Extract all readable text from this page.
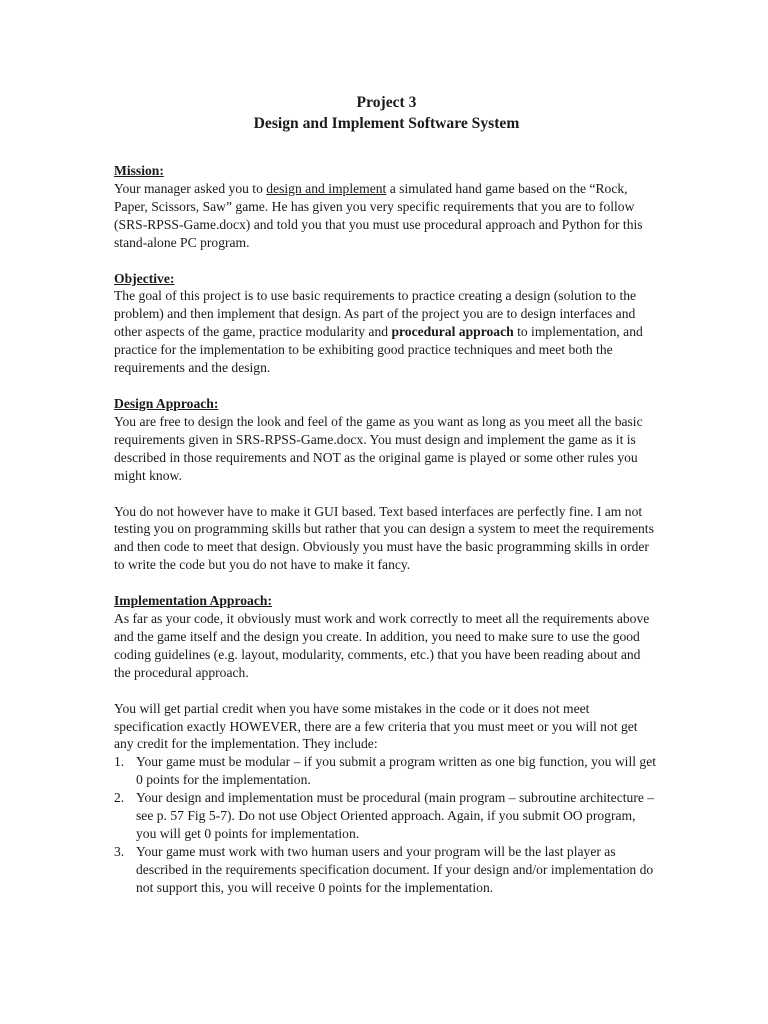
Project 3
Design and Implement Software System
Mission:

Your manager asked you to design and implement a simulated hand game based on the “Rock, Paper, Scissors, Saw” game. He has given you very specific requirements that you are to follow (SRS-RPSS-Game.docx) and told you that you must use procedural approach and Python for this stand-alone PC program.

Objective:

The goal of this project is to use basic requirements to practice creating a design (solution to the problem) and then implement that design. As part of the project you are to design interfaces and other aspects of the game, practice modularity and procedural approach to implementation, and practice for the implementation to be exhibiting good practice techniques and meet both the requirements and the design.

Design Approach:

You are free to design the look and feel of the game as you want as long as you meet all the basic requirements given in SRS-RPSS-Game.docx. You must design and implement the game as it is described in those requirements and NOT as the original game is played or some other rules you might know.

You do not however have to make it GUI based. Text based interfaces are perfectly fine. I am not testing you on programming skills but rather that you can design a system to meet the requirements and then code to meet that design. Obviously you must have the basic programming skills in order to write the code but you do not have to make it fancy.

Implementation Approach:

As far as your code, it obviously must work and work correctly to meet all the requirements above and the game itself and the design you create. In addition, you need to make sure to use the good coding guidelines (e.g. layout, modularity, comments, etc.) that you have been reading about and the procedural approach.

You will get partial credit when you have some mistakes in the code or it does not meet specification exactly HOWEVER, there are a few criteria that you must meet or you will not get any credit for the implementation. They include:

1. Your game must be modular – if you submit a program written as one big function, you will get 0 points for the implementation.
2. Your design and implementation must be procedural (main program – subroutine architecture – see p. 57 Fig 5-7). Do not use Object Oriented approach. Again, if you submit OO program, you will get 0 points for implementation.
3. Your game must work with two human users and your program will be the last player as described in the requirements specification document. If your design and/or implementation do not support this, you will receive 0 points for the implementation.
